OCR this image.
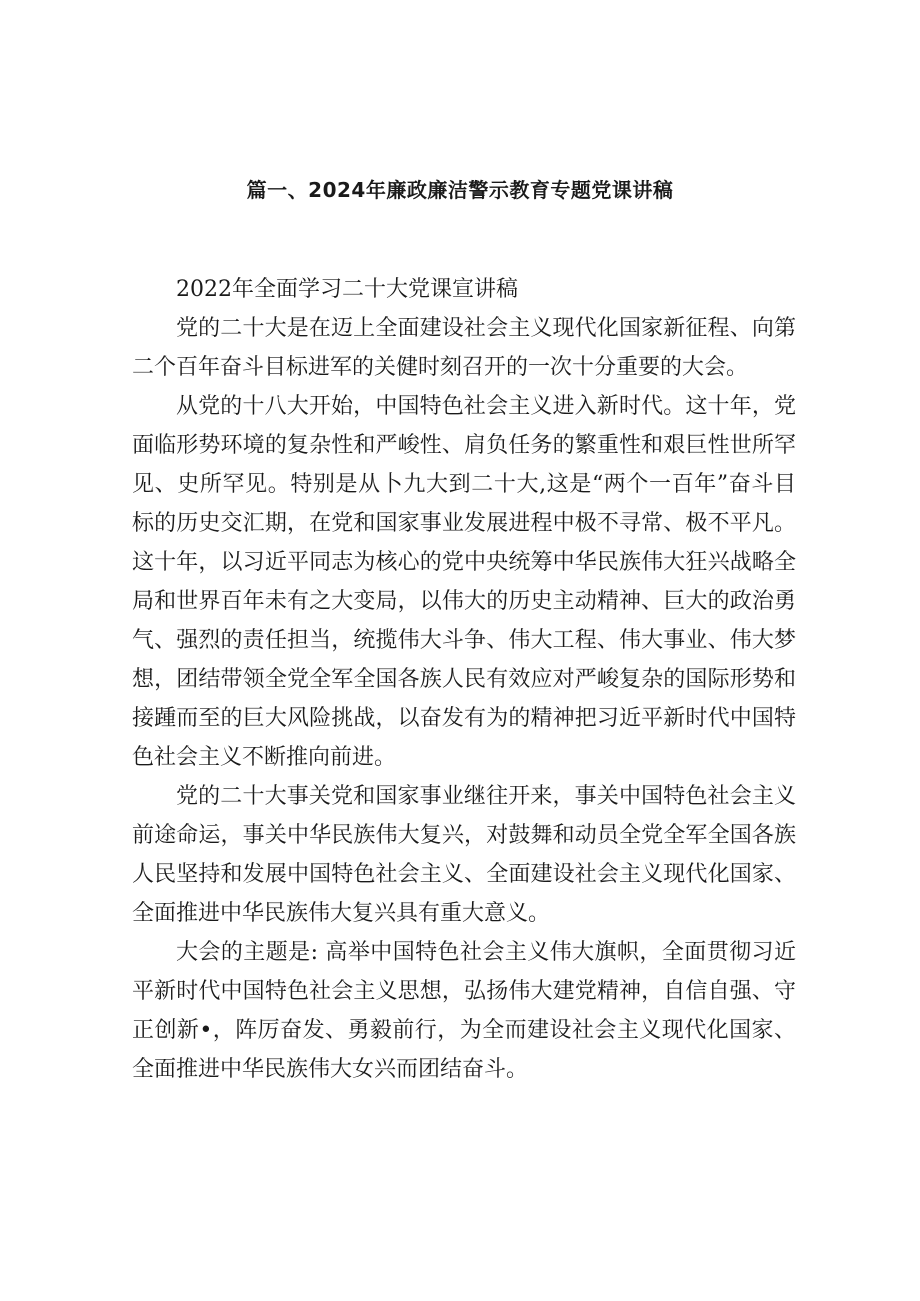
篇一、2024年廉政廉洁警示教育专题党课讲稿

2022年全面学习二十大党课宣讲稿

党的二十大是在迈上全面建设社会主义现代化国家新征程、向第二个百年奋斗目标进军的关健时刻召开的一次十分重要的大会。

从党的十八大开始，中国特色社会主义进入新时代。这十年，党面临形势环境的复杂性和严峻性、肩负任务的繁重性和艰巨性世所罕见、史所罕见。特别是从卜九大到二十大,这是“两个一百年”奋斗目标的历史交汇期，在党和国家事业发展进程中极不寻常、极不平凡。这十年，以习近平同志为核心的党中央统筹中华民族伟大狂兴战略全局和世界百年未有之大变局，以伟大的历史主动精神、巨大的政治勇气、强烈的责任担当，统揽伟大斗争、伟大工程、伟大事业、伟大梦想，团结带领全党全军全国各族人民有效应对严峻复杂的国际形势和接踵而至的巨大风险挑战，以奋发有为的精神把习近平新时代中国特色社会主义不断推向前进。

党的二十大事关党和国家事业继往开来，事关中国特色社会主义前途命运，事关中华民族伟大复兴，对鼓舞和动员全党全军全国各族人民坚持和发展中国特色社会主义、全面建设社会主义现代化国家、全面推进中华民族伟大复兴具有重大意义。

大会的主题是: 高举中国特色社会主义伟大旗帜，全面贯彻习近平新时代中国特色社会主义思想，弘扬伟大建党精神，自信自强、守正创新•，阵厉奋发、勇毅前行，为全而建设社会主义现代化国家、全面推进中华民族伟大女兴而团结奋斗。
